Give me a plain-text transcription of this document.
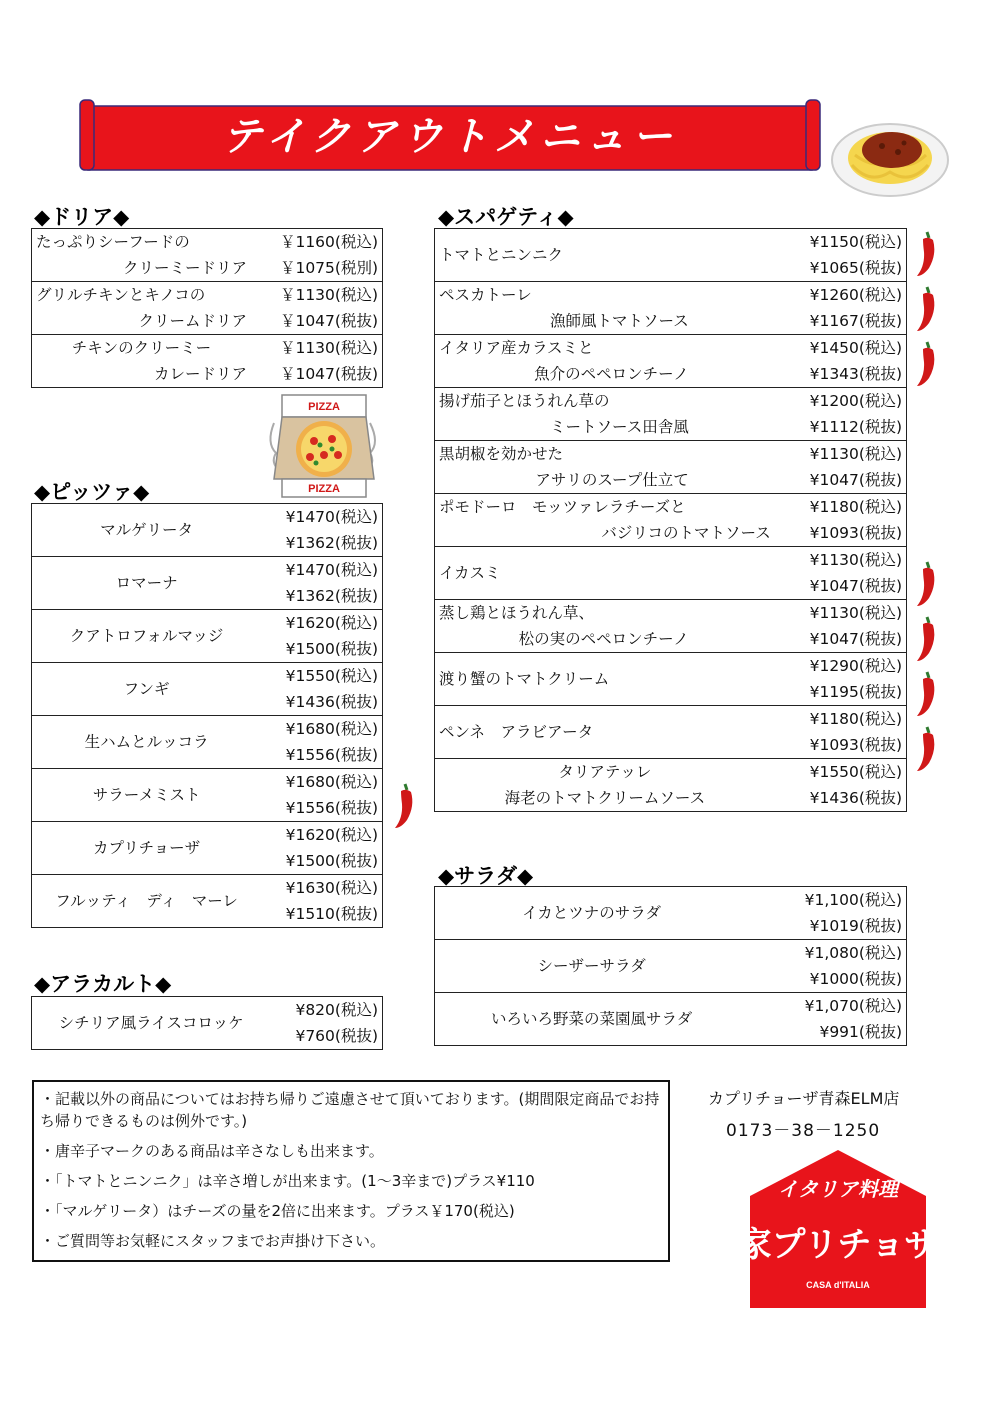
テイクアウトメニュー
◆ドリア◆	◆スパゲティ◆
◆ピッツァ◆
◆アラカルト◆
◆サラダ◆
たっぷりシーフードの	￥1160(税込)
クリーミードリア	￥1075(税別)
グリルチキンとキノコの	￥1130(税込)
クリームドリア	￥1047(税抜)
チキンのクリーミー	￥1130(税込)
カレードリア	￥1047(税抜)
PIZZA
PIZZA
マルゲリータ	¥1470(税込)
	¥1362(税抜)
ロマーナ	¥1470(税込)
	¥1362(税抜)
クアトロフォルマッジ	¥1620(税込)
	¥1500(税抜)
フンギ	¥1550(税込)
	¥1436(税抜)
生ハムとルッコラ	¥1680(税込)
	¥1556(税抜)
サラーメミスト	¥1680(税込)
	¥1556(税抜)
カプリチョーザ	¥1620(税込)
	¥1500(税抜)
フルッティ　ディ　マーレ	¥1630(税込)
	¥1510(税抜)
シチリア風ライスコロッケ	¥820(税込)
¥760(税抜)
トマトとニンニク	¥1150(税込)
	¥1065(税抜)
ペスカトーレ	¥1260(税込)
漁師風トマトソース	¥1167(税抜)
イタリア産カラスミと	¥1450(税込)
魚介のペペロンチーノ	¥1343(税抜)
揚げ茄子とほうれん草の	¥1200(税込)
ミートソース田舎風	¥1112(税抜)
黒胡椒を効かせた	¥1130(税込)
アサリのスープ仕立て	¥1047(税抜)
ポモドーロ　モッツァレラチーズと	¥1180(税込)
バジリコのトマトソース	¥1093(税抜)
イカスミ	¥1130(税込)
	¥1047(税抜)
蒸し鶏とほうれん草、	¥1130(税込)
松の実のペペロンチーノ	¥1047(税抜)
渡り蟹のトマトクリーム	¥1290(税込)
	¥1195(税抜)
ペンネ　アラビアータ	¥1180(税込)
	¥1093(税抜)
タリアテッレ	¥1550(税込)
海老のトマトクリームソース	¥1436(税抜)
イカとツナのサラダ	¥1,100(税込)
	¥1019(税抜)
シーザーサラダ	¥1,080(税込)
	¥1000(税抜)
いろいろ野菜の菜園風サラダ	¥1,070(税込)
	¥991(税抜)
・記載以外の商品についてはお持ち帰りご遠慮させて頂いております。(期間限定商品でお持ち帰りできるものは例外です。)
・唐辛子マークのある商品は辛さなしも出来ます。
・「トマトとニンニク」は辛さ増しが出来ます。(1～3辛まで)プラス¥110
・「マルゲリータ）はチーズの量を2倍に出来ます。プラス￥170(税込)
・ご質問等お気軽にスタッフまでお声掛け下さい。
カプリチョーザ青森ELM店
0173－38－1250
イタリア料理
家プリチョザ
CASA d'ITALIA
